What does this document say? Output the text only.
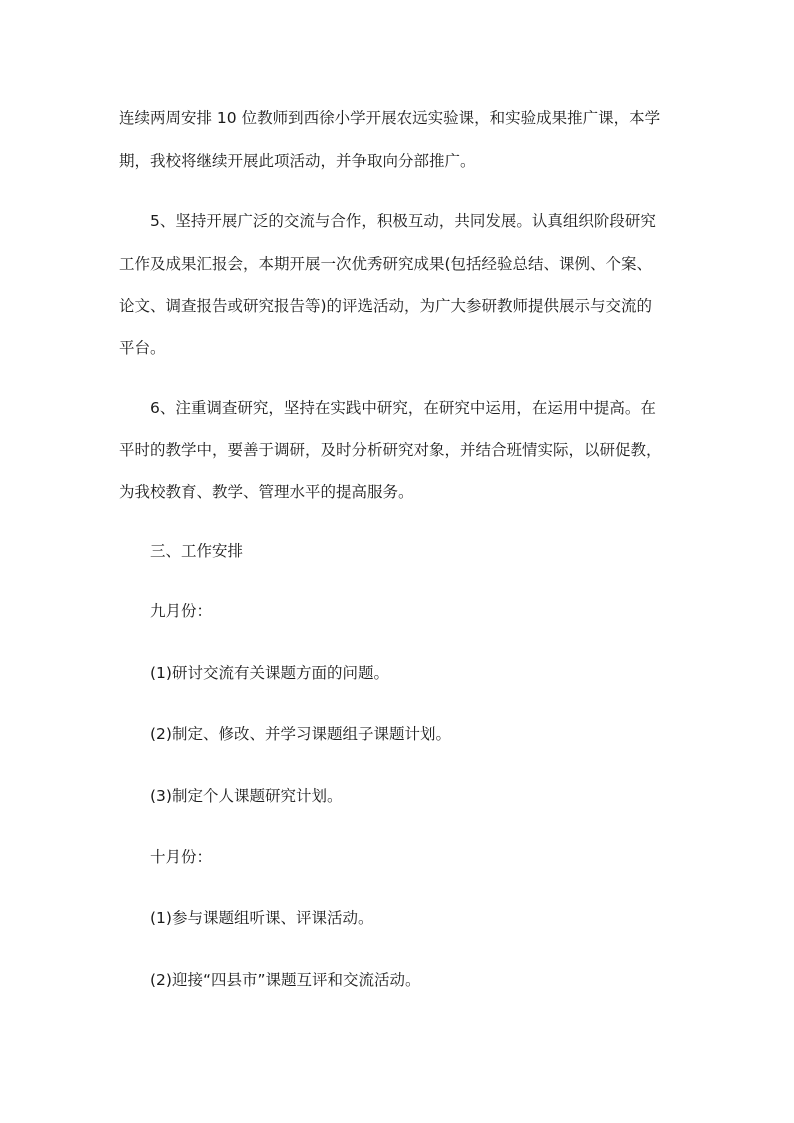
连续两周安排 10 位教师到西徐小学开展农远实验课，和实验成果推广课，本学
期，我校将继续开展此项活动，并争取向分部推广。
5、坚持开展广泛的交流与合作，积极互动，共同发展。认真组织阶段研究
工作及成果汇报会，本期开展一次优秀研究成果(包括经验总结、课例、个案、
论文、调查报告或研究报告等)的评选活动，为广大参研教师提供展示与交流的
平台。
6、注重调查研究，坚持在实践中研究，在研究中运用，在运用中提高。在
平时的教学中，要善于调研，及时分析研究对象，并结合班情实际，以研促教，
为我校教育、教学、管理水平的提高服务。
三、工作安排
九月份：
(1)研讨交流有关课题方面的问题。
(2)制定、修改、并学习课题组子课题计划。
(3)制定个人课题研究计划。
十月份：
(1)参与课题组听课、评课活动。
(2)迎接“四县市”课题互评和交流活动。
